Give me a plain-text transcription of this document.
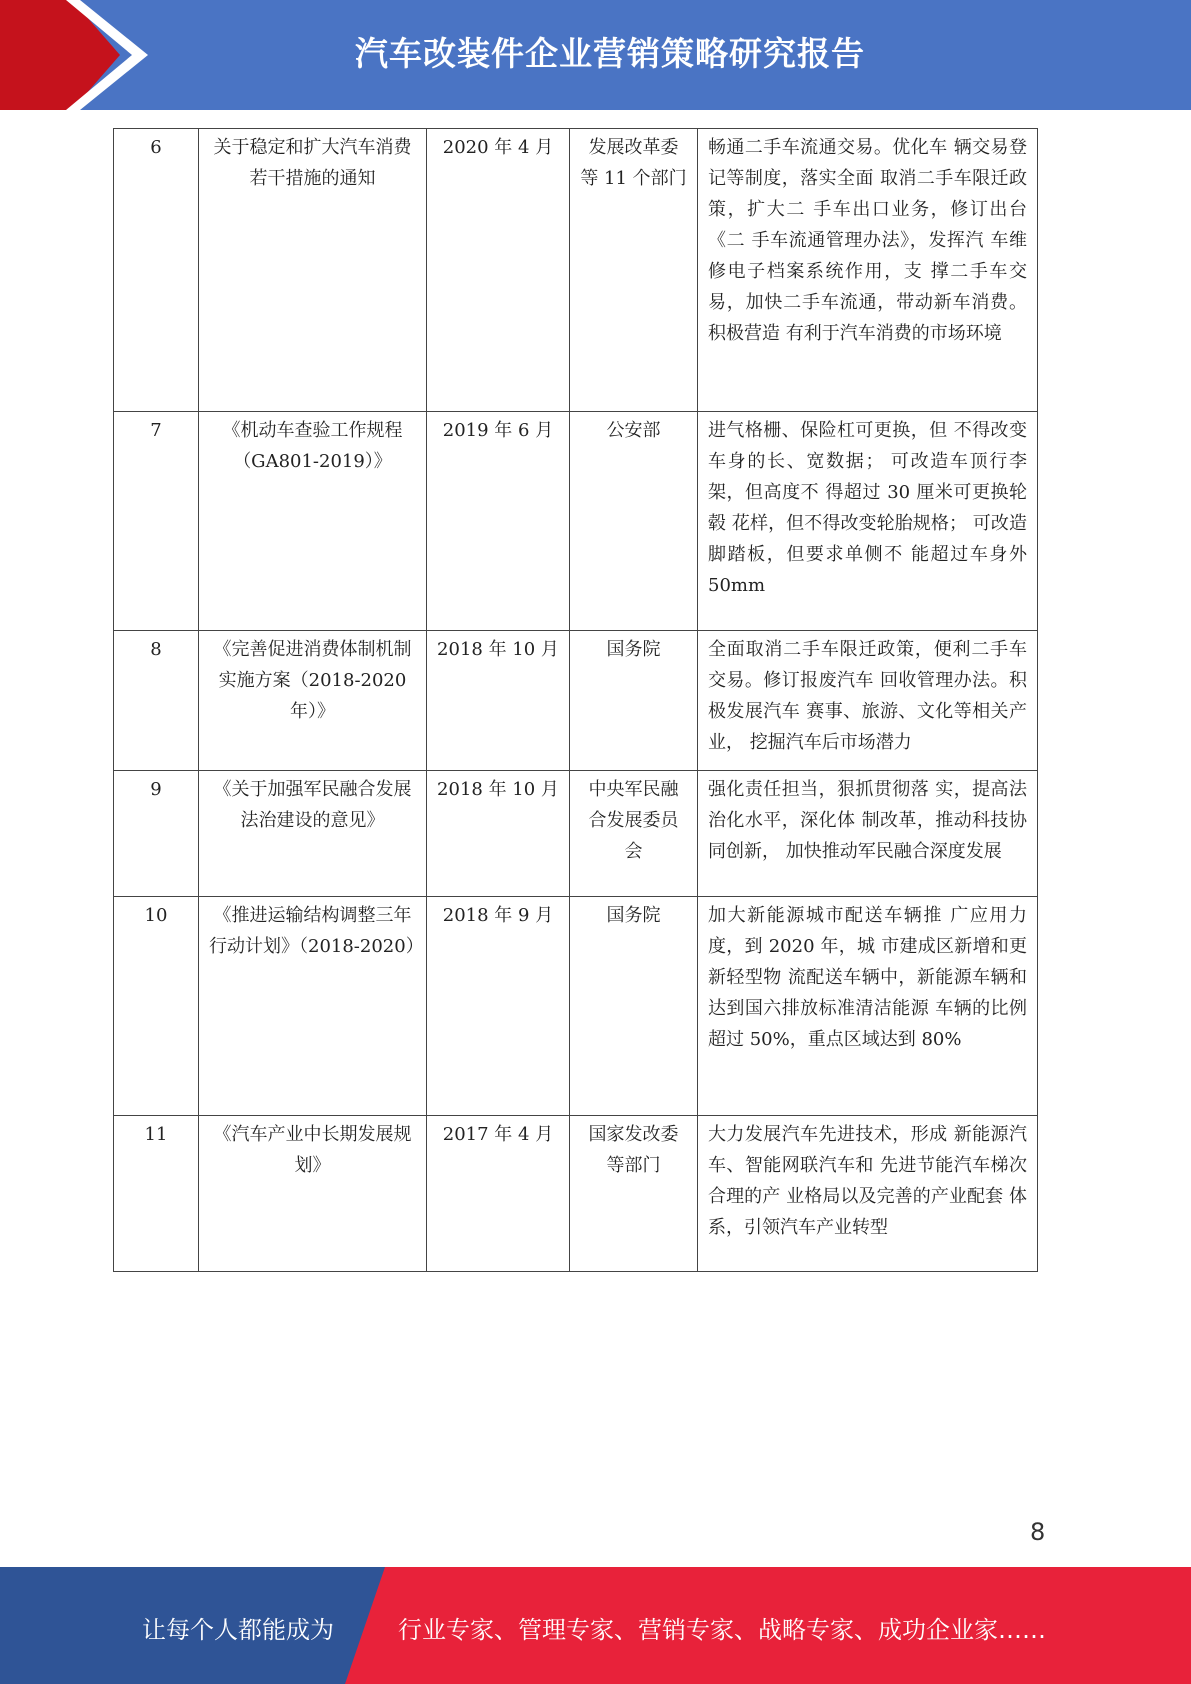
汽车改装件企业营销策略研究报告
6	关于稳定和扩大汽车消费若干措施的通知	2020 年 4 月	发展改革委等 11 个部门	畅通二手车流通交易。优化车 辆交易登记等制度，落实全面 取消二手车限迁政策，扩大二 手车出口业务，修订出台《二 手车流通管理办法》，发挥汽 车维修电子档案系统作用，支 撑二手车交易，加快二手车流通，带动新车消费。积极营造 有利于汽车消费的市场环境

7	《机动车查验工作规程（GA801-2019）》	2019 年 6 月	公安部	进气格栅、保险杠可更换，但 不得改变车身的长、宽数据； 可改造车顶行李架，但高度不 得超过 30 厘米可更换轮毂 花样，但不得改变轮胎规格； 可改造脚踏板，但要求单侧不 能超过车身外 50mm

8	《完善促进消费体制机制实施方案（2018-2020年）》	2018 年 10 月	国务院	全面取消二手车限迁政策，便利二手车交易。修订报废汽车 回收管理办法。积极发展汽车 赛事、旅游、文化等相关产业， 挖掘汽车后市场潜力

9	《关于加强军民融合发展法治建设的意见》	2018 年 10 月	中央军民融合发展委员会	强化责任担当，狠抓贯彻落 实，提高法治化水平，深化体 制改革，推动科技协同创新， 加快推动军民融合深度发展

10	《推进运输结构调整三年行动计划》（2018-2020）	2018 年 9 月	国务院	加大新能源城市配送车辆推 广应用力度，到 2020 年，城 市建成区新增和更新轻型物 流配送车辆中，新能源车辆和 达到国六排放标准清洁能源 车辆的比例超过 50%，重点区域达到 80%

11	《汽车产业中长期发展规划》	2017 年 4 月	国家发改委等部门	大力发展汽车先进技术，形成 新能源汽车、智能网联汽车和 先进节能汽车梯次合理的产 业格局以及完善的产业配套 体系，引领汽车产业转型
8
让每个人都能成为	行业专家、管理专家、营销专家、战略专家、成功企业家……
